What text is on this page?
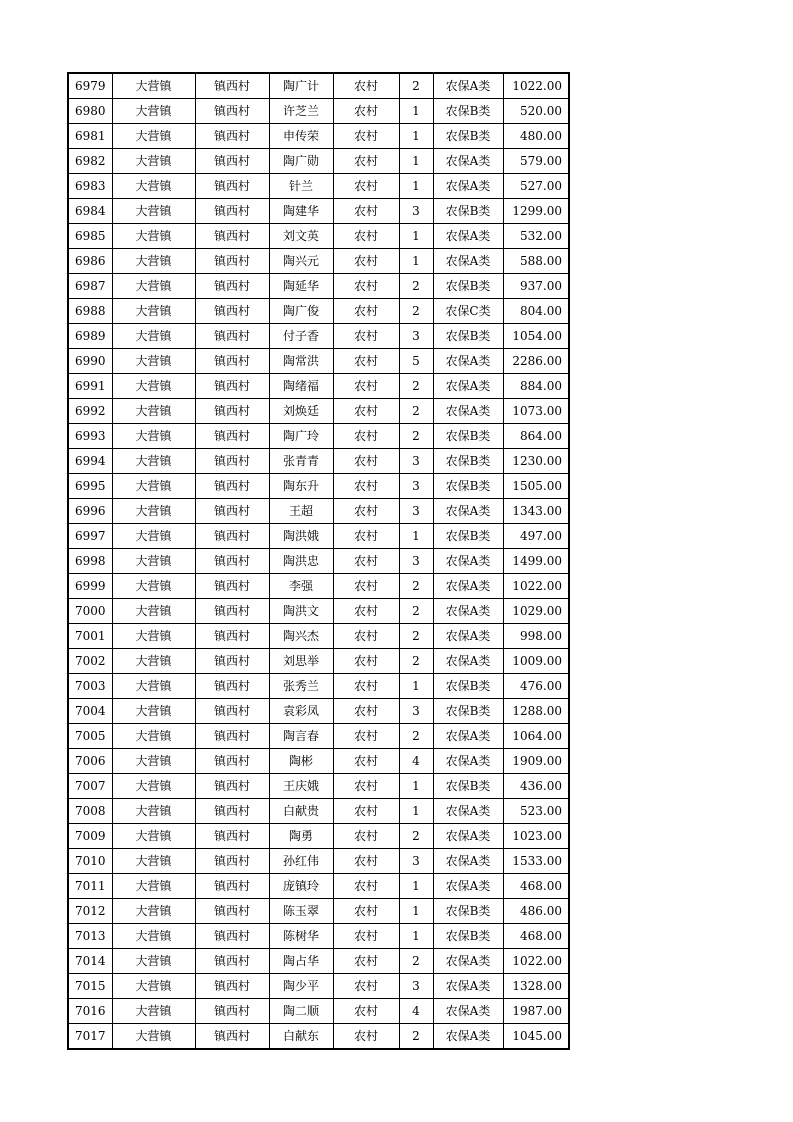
6979	大营镇	镇西村	陶广计	农村	2	农保A类	1022.00
6980	大营镇	镇西村	许芝兰	农村	1	农保B类	520.00
6981	大营镇	镇西村	申传荣	农村	1	农保B类	480.00
6982	大营镇	镇西村	陶广勋	农村	1	农保A类	579.00
6983	大营镇	镇西村	针兰	农村	1	农保A类	527.00
6984	大营镇	镇西村	陶建华	农村	3	农保B类	1299.00
6985	大营镇	镇西村	刘文英	农村	1	农保A类	532.00
6986	大营镇	镇西村	陶兴元	农村	1	农保A类	588.00
6987	大营镇	镇西村	陶延华	农村	2	农保B类	937.00
6988	大营镇	镇西村	陶广俊	农村	2	农保C类	804.00
6989	大营镇	镇西村	付子香	农村	3	农保B类	1054.00
6990	大营镇	镇西村	陶常洪	农村	5	农保A类	2286.00
6991	大营镇	镇西村	陶绪福	农村	2	农保A类	884.00
6992	大营镇	镇西村	刘焕廷	农村	2	农保A类	1073.00
6993	大营镇	镇西村	陶广玲	农村	2	农保B类	864.00
6994	大营镇	镇西村	张青青	农村	3	农保B类	1230.00
6995	大营镇	镇西村	陶东升	农村	3	农保B类	1505.00
6996	大营镇	镇西村	王超	农村	3	农保A类	1343.00
6997	大营镇	镇西村	陶洪娥	农村	1	农保B类	497.00
6998	大营镇	镇西村	陶洪忠	农村	3	农保A类	1499.00
6999	大营镇	镇西村	李强	农村	2	农保A类	1022.00
7000	大营镇	镇西村	陶洪文	农村	2	农保A类	1029.00
7001	大营镇	镇西村	陶兴杰	农村	2	农保A类	998.00
7002	大营镇	镇西村	刘思举	农村	2	农保A类	1009.00
7003	大营镇	镇西村	张秀兰	农村	1	农保B类	476.00
7004	大营镇	镇西村	袁彩凤	农村	3	农保B类	1288.00
7005	大营镇	镇西村	陶言春	农村	2	农保A类	1064.00
7006	大营镇	镇西村	陶彬	农村	4	农保A类	1909.00
7007	大营镇	镇西村	王庆娥	农村	1	农保B类	436.00
7008	大营镇	镇西村	白献贵	农村	1	农保A类	523.00
7009	大营镇	镇西村	陶勇	农村	2	农保A类	1023.00
7010	大营镇	镇西村	孙红伟	农村	3	农保A类	1533.00
7011	大营镇	镇西村	庞镇玲	农村	1	农保A类	468.00
7012	大营镇	镇西村	陈玉翠	农村	1	农保B类	486.00
7013	大营镇	镇西村	陈树华	农村	1	农保B类	468.00
7014	大营镇	镇西村	陶占华	农村	2	农保A类	1022.00
7015	大营镇	镇西村	陶少平	农村	3	农保A类	1328.00
7016	大营镇	镇西村	陶二顺	农村	4	农保A类	1987.00
7017	大营镇	镇西村	白献东	农村	2	农保A类	1045.00
